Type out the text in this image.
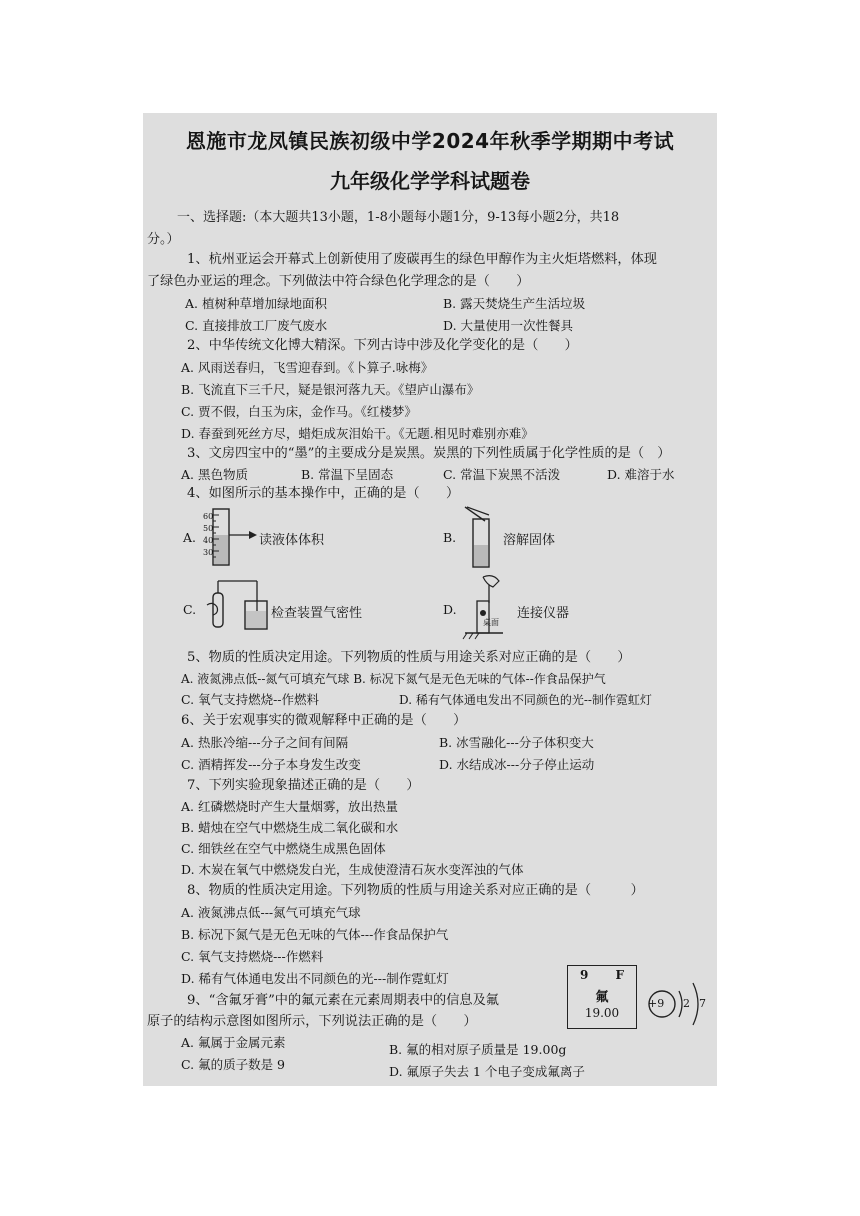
恩施市龙凤镇民族初级中学2024年秋季学期期中考试
九年级化学学科试题卷
一、选择题:（本大题共13小题，1-8小题每小题1分，9-13每小题2分，共18
分。）
1、杭州亚运会开幕式上创新使用了废碳再生的绿色甲醇作为主火炬塔燃料，体现
了绿色办亚运的理念。下列做法中符合绿色化学理念的是（　　）
A. 植树种草增加绿地面积	B. 露天焚烧生产生活垃圾
C. 直接排放工厂废气废水	D. 大量使用一次性餐具
2、中华传统文化博大精深。下列古诗中涉及化学变化的是（　　）
A. 风雨送春归，飞雪迎春到。《卜算子.咏梅》
B. 飞流直下三千尺，疑是银河落九天。《望庐山瀑布》
C. 贾不假，白玉为床，金作马。《红楼梦》
D. 春蚕到死丝方尽，蜡炬成灰泪始干。《无题.相见时难别亦难》
3、文房四宝中的“墨”的主要成分是炭黑。炭黑的下列性质属于化学性质的是（　）
A. 黑色物质	B. 常温下呈固态	C. 常温下炭黑不活泼	D. 难溶于水
4、如图所示的基本操作中，正确的是（　　）
A.
60
50
40
30
读液体体积	B.	溶解固体
C.	检查装置气密性	D.
桌面
连接仪器
5、物质的性质决定用途。下列物质的性质与用途关系对应正确的是（　　）
A. 液氮沸点低--氮气可填充气球 B. 标况下氮气是无色无味的气体--作食品保护气
C. 氧气支持燃烧--作燃料	D. 稀有气体通电发出不同颜色的光--制作霓虹灯
6、关于宏观事实的微观解释中正确的是（　　）
A. 热胀冷缩---分子之间有间隔	B. 冰雪融化---分子体积变大
C. 酒精挥发---分子本身发生改变	D. 水结成冰---分子停止运动
7、下列实验现象描述正确的是（　　）
A. 红磷燃烧时产生大量烟雾，放出热量
B. 蜡烛在空气中燃烧生成二氧化碳和水
C. 细铁丝在空气中燃烧生成黑色固体
D. 木炭在氧气中燃烧发白光，生成使澄清石灰水变浑浊的气体
8、物质的性质决定用途。下列物质的性质与用途关系对应正确的是（　　　）
A. 液氮沸点低---氮气可填充气球
B. 标况下氮气是无色无味的气体---作食品保护气
C. 氧气支持燃烧---作燃料
D. 稀有气体通电发出不同颜色的光---制作霓虹灯	9 F
氟
19.00
+9 2 7
9、“含氟牙膏”中的氟元素在元素周期表中的信息及氟
原子的结构示意图如图所示，下列说法正确的是（　　）
A. 氟属于金属元素	B. 氟的相对原子质量是 19.00g
C. 氟的质子数是 9	D. 氟原子失去 1 个电子变成氟离子
